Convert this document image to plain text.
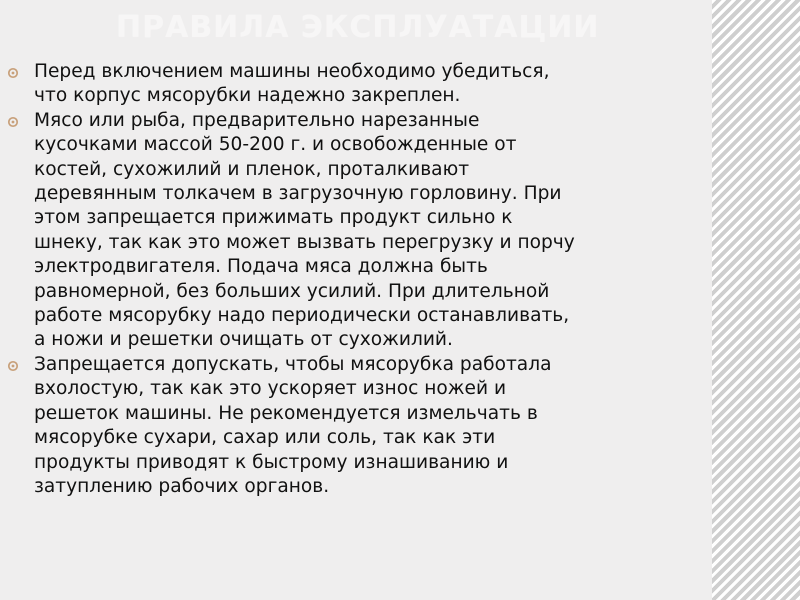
ПРАВИЛА ЭКСПЛУАТАЦИИ
Перед включением машины необходимо убедиться,
что корпус мясорубки надежно закреплен.
Мясо или рыба, предварительно нарезанные
кусочками массой 50-200 г. и освобожденные от
костей, сухожилий и пленок, проталкивают
деревянным толкачем в загрузочную горловину. При
этом запрещается прижимать продукт сильно к
шнеку, так как это может вызвать перегрузку и порчу
электродвигателя. Подача мяса должна быть
равномерной, без больших усилий. При длительной
работе мясорубку надо периодически останавливать,
а ножи и решетки очищать от сухожилий.
Запрещается допускать, чтобы мясорубка работала
вхолостую, так как это ускоряет износ ножей и
решеток машины. Не рекомендуется измельчать в
мясорубке сухари, сахар или соль, так как эти
продукты приводят к быстрому изнашиванию и
затуплению рабочих органов.
